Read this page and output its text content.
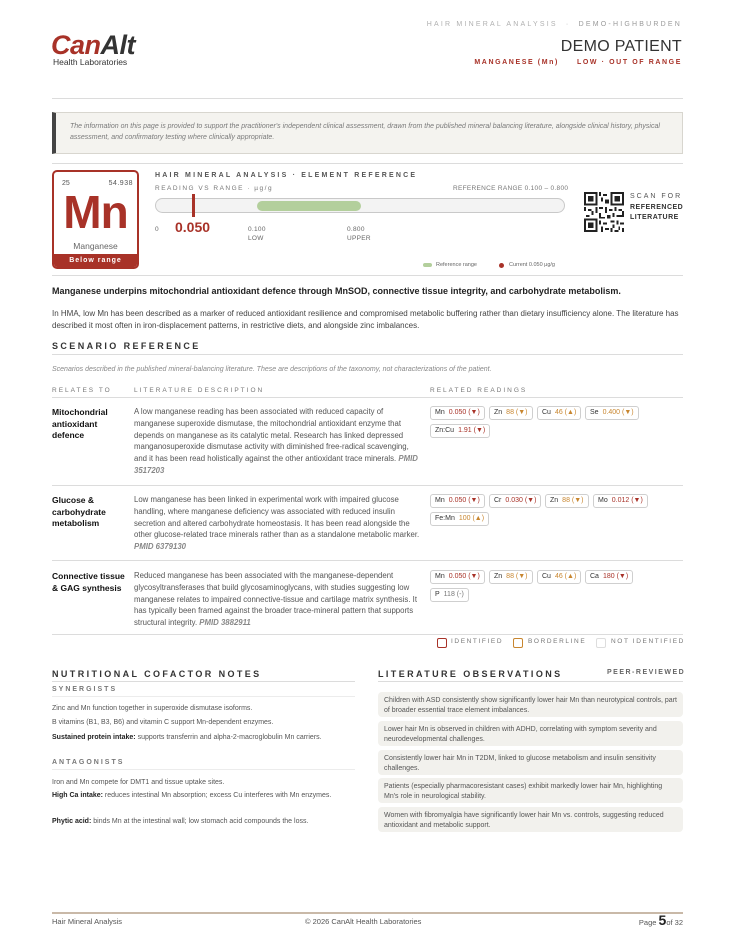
CanAlt
Health Laboratories
HAIR MINERAL ANALYSIS · DEMO-HIGHBURDEN
DEMO PATIENT
MANGANESE (Mn)	LOW · OUT OF RANGE
The information on this page is provided to support the practitioner's independent clinical assessment, drawn from the published mineral balancing literature, alongside clinical history, physical assessment, and confirmatory testing where clinically appropriate.
25	54.938
Mn
Manganese
Below range
HAIR MINERAL ANALYSIS · ELEMENT REFERENCE
READING VS RANGE · µg/g	REFERENCE RANGE 0.100 – 0.800
0 0.050	0.100
LOW
0.800
UPPER
Reference range	Current 0.050 µg/g
SCAN FOR
REFERENCED
LITERATURE
Manganese underpins mitochondrial antioxidant defence through MnSOD, connective tissue integrity, and carbohydrate metabolism.
In HMA, low Mn has been described as a marker of reduced antioxidant resilience and compromised metabolic buffering rather than dietary insufficiency alone. The literature has described it most often in iron-displacement patterns, in restrictive diets, and alongside zinc imbalances.
SCENARIO REFERENCE
Scenarios described in the published mineral-balancing literature. These are descriptions of the taxonomy, not characterizations of the patient.
RELATES TO	LITERATURE DESCRIPTION	RELATED READINGS
Mitochondrial antioxidant defence
A low manganese reading has been associated with reduced capacity of manganese superoxide dismutase, the mitochondrial antioxidant enzyme that depends on manganese as its catalytic metal. Research has linked depressed manganosuperoxide dismutase activity with diminished free-radical scavenging, and it has been read holistically against the other antioxidant trace minerals. PMID 3517203
Mn 0.050 (▼)	Zn 88 (▼)	Cu 46 (▲)	Se 0.400 (▼)
Zn:Cu 1.91 (▼)
Glucose & carbohydrate metabolism
Low manganese has been linked in experimental work with impaired glucose handling, where manganese deficiency was associated with reduced insulin secretion and altered carbohydrate homeostasis. It has been read alongside the other glucose-related trace minerals rather than as a standalone metabolic marker. PMID 6379130
Mn 0.050 (▼)	Cr 0.030 (▼)	Zn 88 (▼)	Mo 0.012 (▼)
Fe:Mn 100 (▲)
Connective tissue & GAG synthesis
Reduced manganese has been associated with the manganese-dependent glycosyltransferases that build glycosaminoglycans, with studies suggesting low manganese relates to impaired connective-tissue and cartilage matrix synthesis. It has typically been framed against the broader trace-mineral pattern that supports structural integrity. PMID 3882911
Mn 0.050 (▼)	Zn 88 (▼)	Cu 46 (▲)	Ca 180 (▼)
P 118 (-)
IDENTIFIED	BORDERLINE	NOT IDENTIFIED
NUTRITIONAL COFACTOR NOTES
SYNERGISTS
Zinc and Mn function together in superoxide dismutase isoforms.
B vitamins (B1, B3, B6) and vitamin C support Mn-dependent enzymes.
Sustained protein intake: supports transferrin and alpha-2-macroglobulin Mn carriers.
ANTAGONISTS
Iron and Mn compete for DMT1 and tissue uptake sites.
High Ca intake: reduces intestinal Mn absorption; excess Cu interferes with Mn enzymes.
Phytic acid: binds Mn at the intestinal wall; low stomach acid compounds the loss.
LITERATURE OBSERVATIONS	PEER-REVIEWED
Children with ASD consistently show significantly lower hair Mn than neurotypical controls, part of broader essential trace element imbalances.
Lower hair Mn is observed in children with ADHD, correlating with symptom severity and neurodevelopmental challenges.
Consistently lower hair Mn in T2DM, linked to glucose metabolism and insulin sensitivity challenges.
Patients (especially pharmacoresistant cases) exhibit markedly lower hair Mn, highlighting Mn's role in neurological stability.
Women with fibromyalgia have significantly lower hair Mn vs. controls, suggesting reduced antioxidant and metabolic support.
Hair Mineral Analysis	© 2026 CanAlt Health Laboratories	Page 5of 32
